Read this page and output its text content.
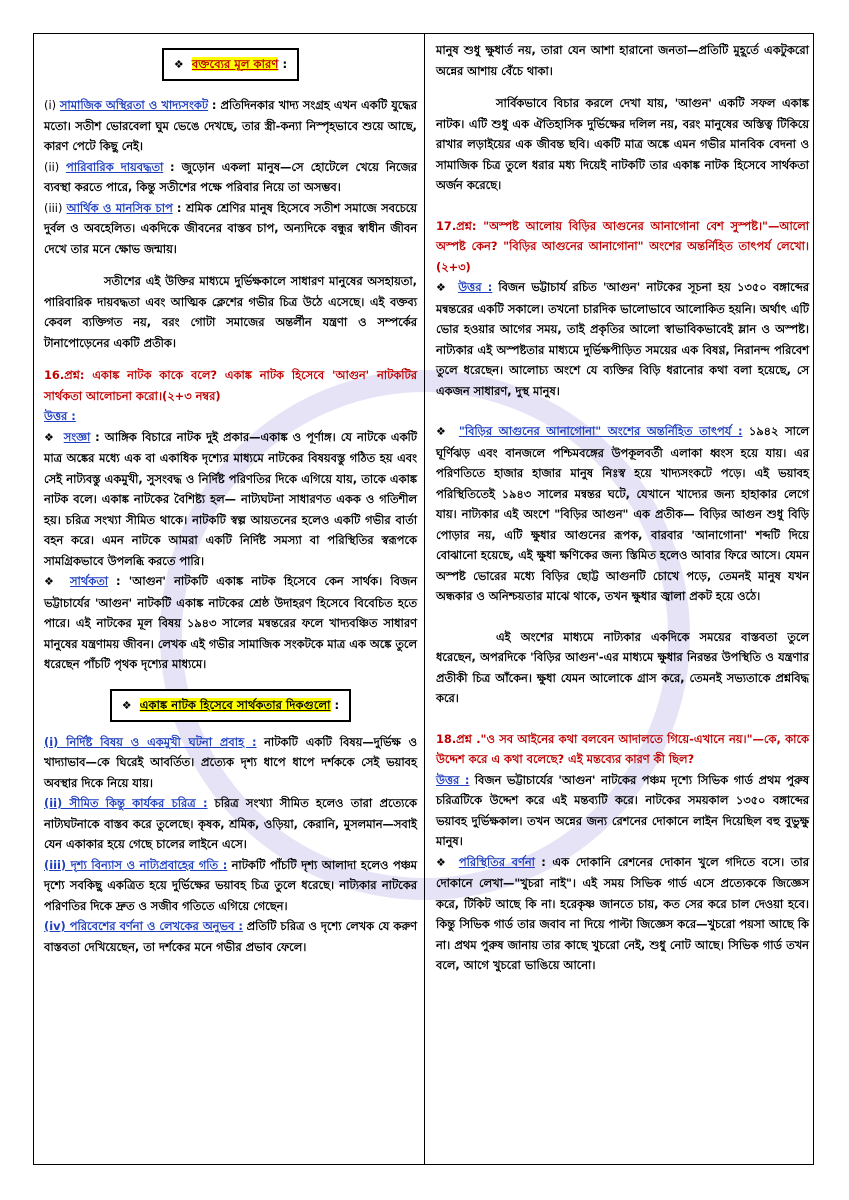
❖ বক্তব্যের মূল কারণ :

(i) সামাজিক অস্থিরতা ও খাদ্যসংকট : প্রতিদিনকার খাদ্য সংগ্রহ এখন একটি যুদ্ধের মতো। সতীশ ভোরবেলা ঘুম ভেঙে দেখছে, তার স্ত্রী-কন্যা নিস্পৃহভাবে শুয়ে আছে, কারণ পেটে কিছু নেই।

(ii) পারিবারিক দায়বদ্ধতা : জুড়োন একলা মানুষ—সে হোটেলে খেয়ে নিজের ব্যবস্থা করতে পারে, কিন্তু সতীশের পক্ষে পরিবার নিয়ে তা অসম্ভব।

(iii) আর্থিক ও মানসিক চাপ : শ্রমিক শ্রেণির মানুষ হিসেবে সতীশ সমাজে সবচেয়ে দুর্বল ও অবহেলিত। একদিকে জীবনের বাস্তব চাপ, অন্যদিকে বন্ধুর স্বাধীন জীবন দেখে তার মনে ক্ষোভ জন্মায়।

সতীশের এই উক্তির মাধ্যমে দুর্ভিক্ষকালে সাধারণ মানুষের অসহায়তা, পারিবারিক দায়বদ্ধতা এবং আত্মিক ক্লেশের গভীর চিত্র উঠে এসেছে। এই বক্তব্য কেবল ব্যক্তিগত নয়, বরং গোটা সমাজের অন্তর্লীন যন্ত্রণা ও সম্পর্কের টানাপোড়েনের একটি প্রতীক।

16.প্রশ্ন: একাঙ্ক নাটক কাকে বলে? একাঙ্ক নাটক হিসেবে 'আগুন' নাটকটির সার্থকতা আলোচনা করো।(২+৩ নম্বর)

উত্তর :

❖ সংজ্ঞা : আঙ্গিক বিচারে নাটক দুই প্রকার—একাঙ্ক ও পূর্ণাঙ্গ। যে নাটকে একটি মাত্র অঙ্কের মধ্যে এক বা একাধিক দৃশ্যের মাধ্যমে নাটকের বিষয়বস্তু গঠিত হয় এবং সেই নাট্যবস্তু একমুখী, সুসংবদ্ধ ও নির্দিষ্ট পরিণতির দিকে এগিয়ে যায়, তাকে একাঙ্ক নাটক বলে। একাঙ্ক নাটকের বৈশিষ্ট্য হল— নাট্যঘটনা সাধারণত একক ও গতিশীল হয়। চরিত্র সংখ্যা সীমিত থাকে। নাটকটি স্বল্প আয়তনের হলেও একটি গভীর বার্তা বহন করে। এমন নাটকে আমরা একটি নির্দিষ্ট সমস্যা বা পরিস্থিতির স্বরূপকে সামগ্রিকভাবে উপলব্ধি করতে পারি।

❖ সার্থকতা : 'আগুন' নাটকটি একাঙ্ক নাটক হিসেবে কেন সার্থক। বিজন ভট্টাচার্যের 'আগুন' নাটকটি একাঙ্ক নাটকের শ্রেষ্ঠ উদাহরণ হিসেবে বিবেচিত হতে পারে। এই নাটকের মূল বিষয় ১৯৪৩ সালের মন্বন্তরের ফলে খাদ্যবঞ্চিত সাধারণ মানুষের যন্ত্রণাময় জীবন। লেখক এই গভীর সামাজিক সংকটকে মাত্র এক অঙ্কে তুলে ধরেছেন পাঁচটি পৃথক দৃশ্যের মাধ্যমে।

❖ একাঙ্ক নাটক হিসেবে সার্থকতার দিকগুলো :

(i) নির্দিষ্ট বিষয় ও একমুখী ঘটনা প্রবাহ : নাটকটি একটি বিষয়—দুর্ভিক্ষ ও খাদ্যাভাব—কে ঘিরেই আবর্তিত। প্রত্যেক দৃশ্য ধাপে ধাপে দর্শককে সেই ভয়াবহ অবস্থার দিকে নিয়ে যায়।

(ii) সীমিত কিন্তু কার্যকর চরিত্র : চরিত্র সংখ্যা সীমিত হলেও তারা প্রত্যেকে নাট্যঘটনাকে বাস্তব করে তুলেছে। কৃষক, শ্রমিক, ওড়িয়া, কেরানি, মুসলমান—সবাই যেন একাকার হয়ে গেছে চালের লাইনে এসে।

(iii) দৃশ্য বিন্যাস ও নাট্যপ্রবাহের গতি : নাটকটি পাঁচটি দৃশ্য আলাদা হলেও পঞ্চম দৃশ্যে সবকিছু একত্রিত হয়ে দুর্ভিক্ষের ভয়াবহ চিত্র তুলে ধরেছে। নাট্যকার নাটকের পরিণতির দিকে দ্রুত ও সজীব গতিতে এগিয়ে গেছেন।

(iv) পরিবেশের বর্ণনা ও লেখকের অনুভব : প্রতিটি চরিত্র ও দৃশ্যে লেখক যে করুণ বাস্তবতা দেখিয়েছেন, তা দর্শকের মনে গভীর প্রভাব ফেলে।

মানুষ শুধু ক্ষুধার্ত নয়, তারা যেন আশা হারানো জনতা—প্রতিটি মুহূর্তে একটুকরো অন্নের আশায় বেঁচে থাকা।

সার্বিকভাবে বিচার করলে দেখা যায়, 'আগুন' একটি সফল একাঙ্ক নাটক। এটি শুধু এক ঐতিহাসিক দুর্ভিক্ষের দলিল নয়, বরং মানুষের অস্তিত্ব টিকিয়ে রাখার লড়াইয়ের এক জীবন্ত ছবি। একটি মাত্র অঙ্কে এমন গভীর মানবিক বেদনা ও সামাজিক চিত্র তুলে ধরার মধ্য দিয়েই নাটকটি তার একাঙ্ক নাটক হিসেবে সার্থকতা অর্জন করেছে।

17.প্রশ্ন: "অস্পষ্ট আলোয় বিড়ির আগুনের আনাগোনা বেশ সুস্পষ্ট।"—আলো অস্পষ্ট কেন? "বিড়ির আগুনের আনাগোনা" অংশের অন্তর্নিহিত তাৎপর্য লেখো। (২+৩)

❖ উত্তর : বিজন ভট্টাচার্য রচিত 'আগুন' নাটকের সূচনা হয় ১৩৫০ বঙ্গাব্দের মন্বন্তরের একটি সকালে। তখনো চারদিক ভালোভাবে আলোকিত হয়নি। অর্থাৎ এটি ভোর হওয়ার আগের সময়, তাই প্রকৃতির আলো স্বাভাবিকভাবেই ম্লান ও অস্পষ্ট। নাট্যকার এই অস্পষ্টতার মাধ্যমে দুর্ভিক্ষপীড়িত সময়ের এক বিষণ্ণ, নিরানন্দ পরিবেশ তুলে ধরেছেন। আলোচ্য অংশে যে ব্যক্তির বিড়ি ধরানোর কথা বলা হয়েছে, সে একজন সাধারণ, দুস্থ মানুষ।

❖ "বিড়ির আগুনের আনাগোনা" অংশের অন্তর্নিহিত তাৎপর্য : ১৯৪২ সালে ঘূর্ণিঝড় এবং বানজলে পশ্চিমবঙ্গের উপকূলবর্তী এলাকা ধ্বংস হয়ে যায়। এর পরিণতিতে হাজার হাজার মানুষ নিঃস্ব হয়ে খাদ্যসংকটে পড়ে। এই ভয়াবহ পরিস্থিতিতেই ১৯৪৩ সালের মন্বন্তর ঘটে, যেখানে খাদ্যের জন্য হাহাকার লেগে যায়। নাট্যকার এই অংশে "বিড়ির আগুন" এক প্রতীক— বিড়ির আগুন শুধু বিড়ি পোড়ার নয়, এটি ক্ষুধার আগুনের রূপক, বারবার 'আনাগোনা' শব্দটি দিয়ে বোঝানো হয়েছে, এই ক্ষুধা ক্ষণিকের জন্য স্তিমিত হলেও আবার ফিরে আসে। যেমন অস্পষ্ট ভোরের মধ্যে বিড়ির ছোট্ট আগুনটি চোখে পড়ে, তেমনই মানুষ যখন অন্ধকার ও অনিশ্চয়তার মাঝে থাকে, তখন ক্ষুধার জ্বালা প্রকট হয়ে ওঠে।

এই অংশের মাধ্যমে নাট্যকার একদিকে সময়ের বাস্তবতা তুলে ধরেছেন, অপরদিকে 'বিড়ির আগুন'-এর মাধ্যমে ক্ষুধার নিরন্তর উপস্থিতি ও যন্ত্রণার প্রতীকী চিত্র আঁকেন। ক্ষুধা যেমন আলোকে গ্রাস করে, তেমনই সভ্যতাকে প্রশ্নবিদ্ধ করে।

18.প্রশ্ন ."ও সব আইনের কথা বলবেন আদালতে গিয়ে-এখানে নয়।"—কে, কাকে উদ্দেশ করে এ কথা বলেছে? এই মন্তব্যের কারণ কী ছিল?

উত্তর : বিজন ভট্টাচার্যের 'আগুন' নাটকের পঞ্চম দৃশ্যে সিভিক গার্ড প্রথম পুরুষ চরিত্রটিকে উদ্দেশ করে এই মন্তব্যটি করে। নাটকের সময়কাল ১৩৫০ বঙ্গাব্দের ভয়াবহ দুর্ভিক্ষকাল। তখন অন্নের জন্য রেশনের দোকানে লাইন দিয়েছিল বহু বুভুক্ষু মানুষ।

❖ পরিস্থিতির বর্ণনা : এক দোকানি রেশনের দোকান খুলে গদিতে বসে। তার দোকানে লেখা—"খুচরা নাই"। এই সময় সিভিক গার্ড এসে প্রত্যেককে জিজ্ঞেস করে, টিকিট আছে কি না। হরেকৃষ্ণ জানতে চায়, কত সের করে চাল দেওয়া হবে। কিন্তু সিভিক গার্ড তার জবাব না দিয়ে পাল্টা জিজ্ঞেস করে—খুচরো পয়সা আছে কি না। প্রথম পুরুষ জানায় তার কাছে খুচরো নেই, শুধু নোট আছে। সিভিক গার্ড তখন বলে, আগে খুচরো ভাঙিয়ে আনো।
